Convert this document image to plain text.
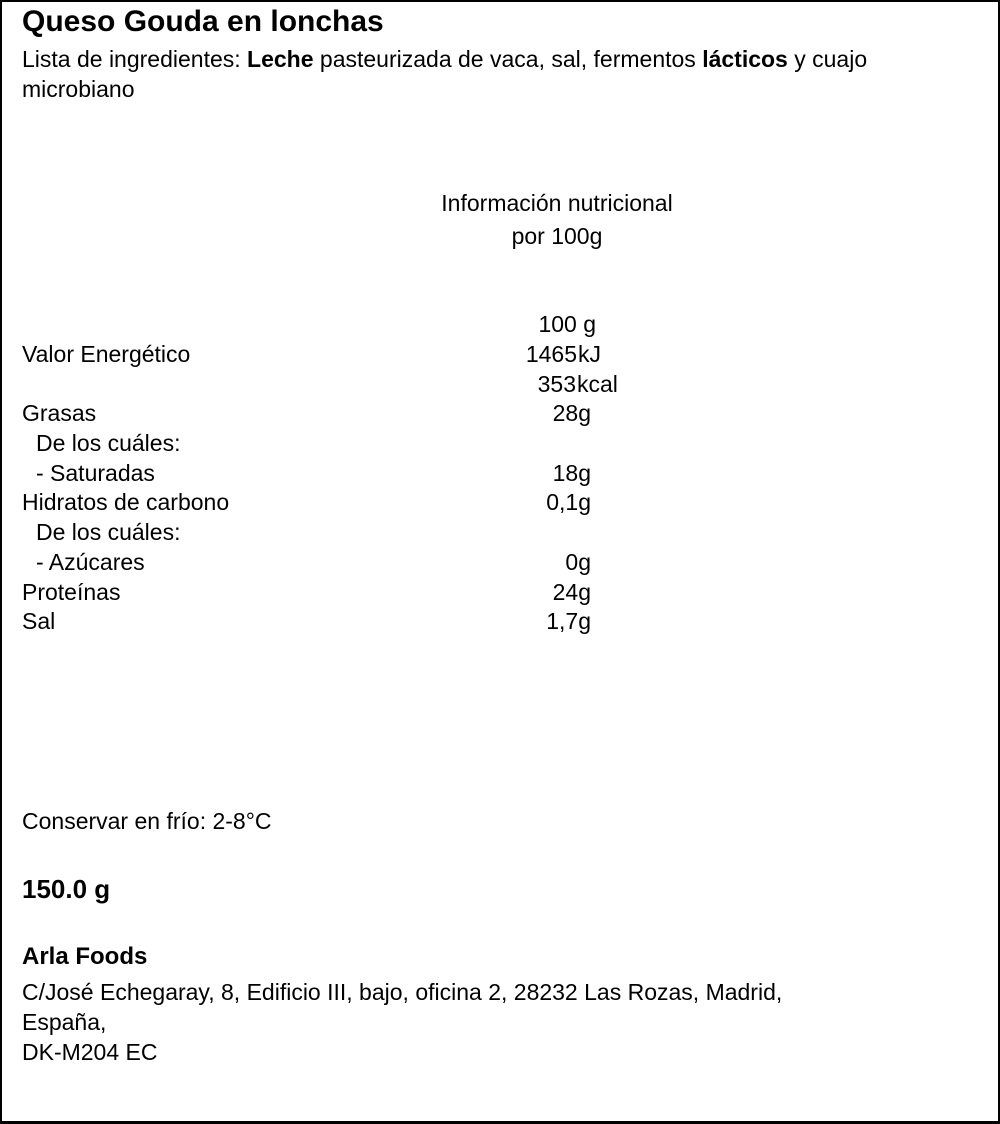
Queso Gouda en lonchas
Lista de ingredientes: Leche pasteurizada de vaca, sal, fermentos lácticos y cuajo microbiano
Información nutricional
por 100g
100 g
Valor Energético	1465 kJ
353 kcal
Grasas	28g
De los cuáles:
- Saturadas	18g
Hidratos de carbono	0,1g
De los cuáles:
- Azúcares	0g
Proteínas	24g
Sal	1,7g
Conservar en frío: 2-8°C
150.0 g
Arla Foods
C/José Echegaray, 8, Edificio III, bajo, oficina 2, 28232 Las Rozas, Madrid,
España,
DK-M204 EC
